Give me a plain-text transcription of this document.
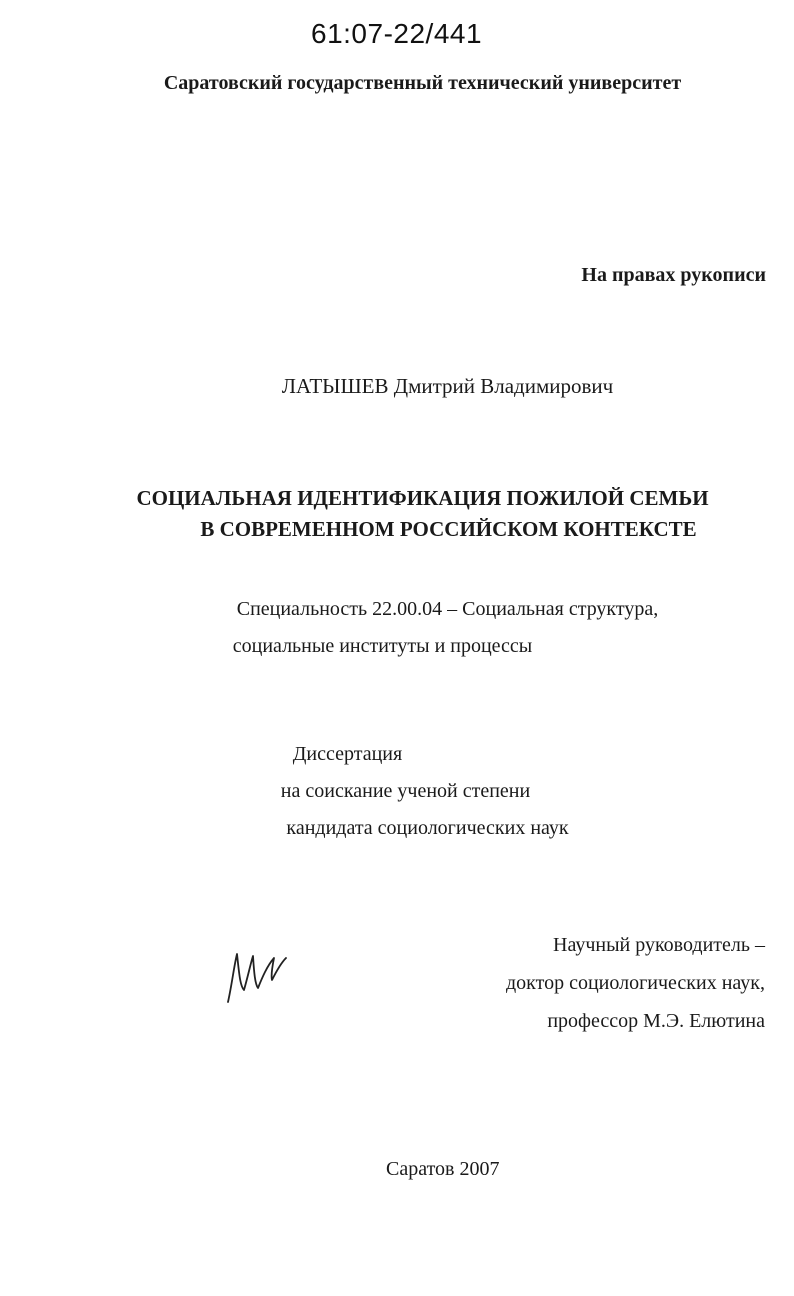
61:07-22/441
Саратовский государственный технический университет
На правах рукописи
ЛАТЫШЕВ Дмитрий Владимирович
СОЦИАЛЬНАЯ ИДЕНТИФИКАЦИЯ ПОЖИЛОЙ СЕМЬИ
В СОВРЕМЕННОМ РОССИЙСКОМ КОНТЕКСТЕ
Специальность 22.00.04 – Социальная структура,
социальные институты и процессы
Диссертация
на соискание ученой степени
кандидата социологических наук
Научный руководитель –
доктор социологических наук,
профессор М.Э. Елютина
Саратов 2007
